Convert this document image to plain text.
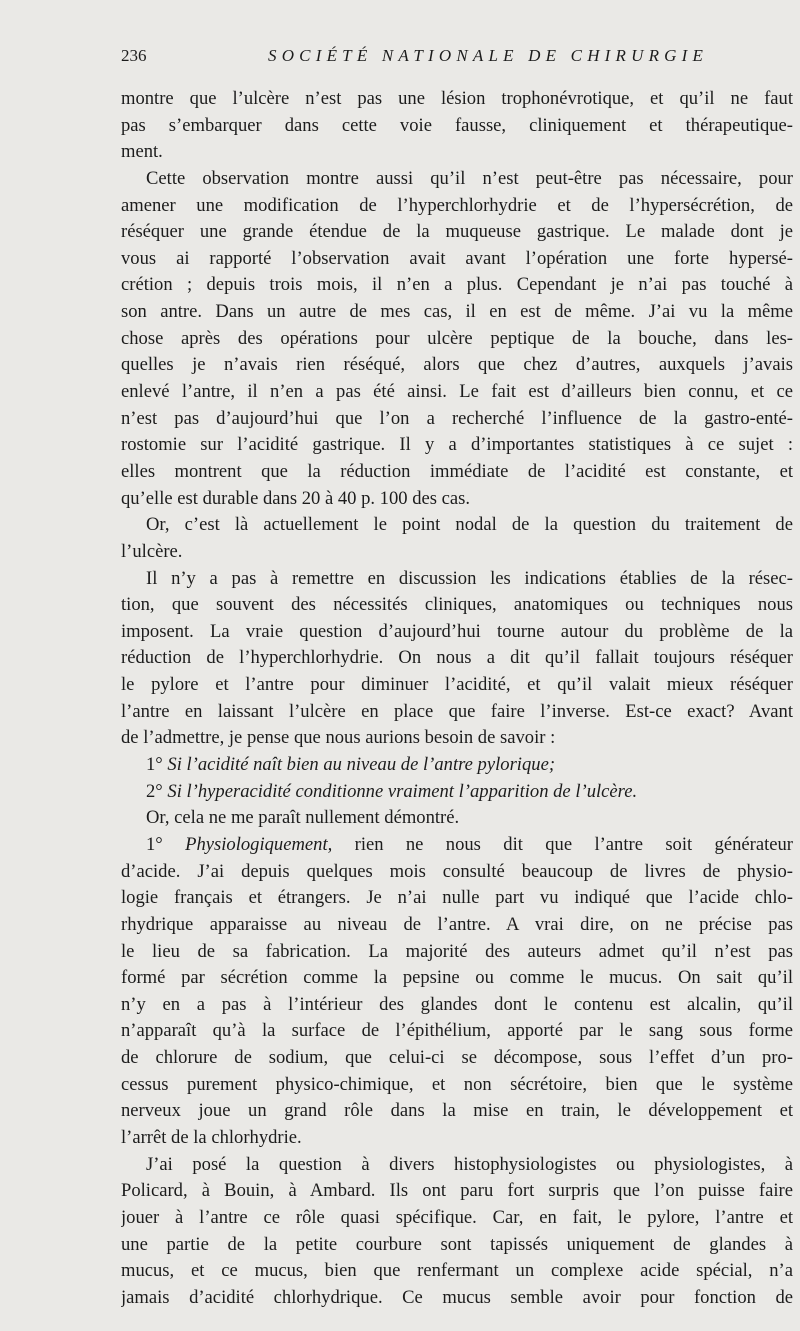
236	SOCIÉTÉ NATIONALE DE CHIRURGIE
montre que l’ulcère n’est pas une lésion trophonévrotique, et qu’il ne faut
pas s’embarquer dans cette voie fausse, cliniquement et thérapeutique-
ment.
Cette observation montre aussi qu’il n’est peut-être pas nécessaire, pour
amener une modification de l’hyperchlorhydrie et de l’hypersécrétion, de
réséquer une grande étendue de la muqueuse gastrique. Le malade dont je
vous ai rapporté l’observation avait avant l’opération une forte hypersé-
crétion ; depuis trois mois, il n’en a plus. Cependant je n’ai pas touché à
son antre. Dans un autre de mes cas, il en est de même. J’ai vu la même
chose après des opérations pour ulcère peptique de la bouche, dans les-
quelles je n’avais rien réséqué, alors que chez d’autres, auxquels j’avais
enlevé l’antre, il n’en a pas été ainsi. Le fait est d’ailleurs bien connu, et ce
n’est pas d’aujourd’hui que l’on a recherché l’influence de la gastro-enté-
rostomie sur l’acidité gastrique. Il y a d’importantes statistiques à ce sujet :
elles montrent que la réduction immédiate de l’acidité est constante, et
qu’elle est durable dans 20 à 40 p. 100 des cas.
Or, c’est là actuellement le point nodal de la question du traitement de
l’ulcère.
Il n’y a pas à remettre en discussion les indications établies de la résec-
tion, que souvent des nécessités cliniques, anatomiques ou techniques nous
imposent. La vraie question d’aujourd’hui tourne autour du problème de la
réduction de l’hyperchlorhydrie. On nous a dit qu’il fallait toujours réséquer
le pylore et l’antre pour diminuer l’acidité, et qu’il valait mieux réséquer
l’antre en laissant l’ulcère en place que faire l’inverse. Est-ce exact? Avant
de l’admettre, je pense que nous aurions besoin de savoir :
1° Si l’acidité naît bien au niveau de l’antre pylorique;
2° Si l’hyperacidité conditionne vraiment l’apparition de l’ulcère.
Or, cela ne me paraît nullement démontré.
1° Physiologiquement, rien ne nous dit que l’antre soit générateur
d’acide. J’ai depuis quelques mois consulté beaucoup de livres de physio-
logie français et étrangers. Je n’ai nulle part vu indiqué que l’acide chlo-
rhydrique apparaisse au niveau de l’antre. A vrai dire, on ne précise pas
le lieu de sa fabrication. La majorité des auteurs admet qu’il n’est pas
formé par sécrétion comme la pepsine ou comme le mucus. On sait qu’il
n’y en a pas à l’intérieur des glandes dont le contenu est alcalin, qu’il
n’apparaît qu’à la surface de l’épithélium, apporté par le sang sous forme
de chlorure de sodium, que celui-ci se décompose, sous l’effet d’un pro-
cessus purement physico-chimique, et non sécrétoire, bien que le système
nerveux joue un grand rôle dans la mise en train, le développement et
l’arrêt de la chlorhydrie.
J’ai posé la question à divers histophysiologistes ou physiologistes, à
Policard, à Bouin, à Ambard. Ils ont paru fort surpris que l’on puisse faire
jouer à l’antre ce rôle quasi spécifique. Car, en fait, le pylore, l’antre et
une partie de la petite courbure sont tapissés uniquement de glandes à
mucus, et ce mucus, bien que renfermant un complexe acide spécial, n’a
jamais d’acidité chlorhydrique. Ce mucus semble avoir pour fonction de
